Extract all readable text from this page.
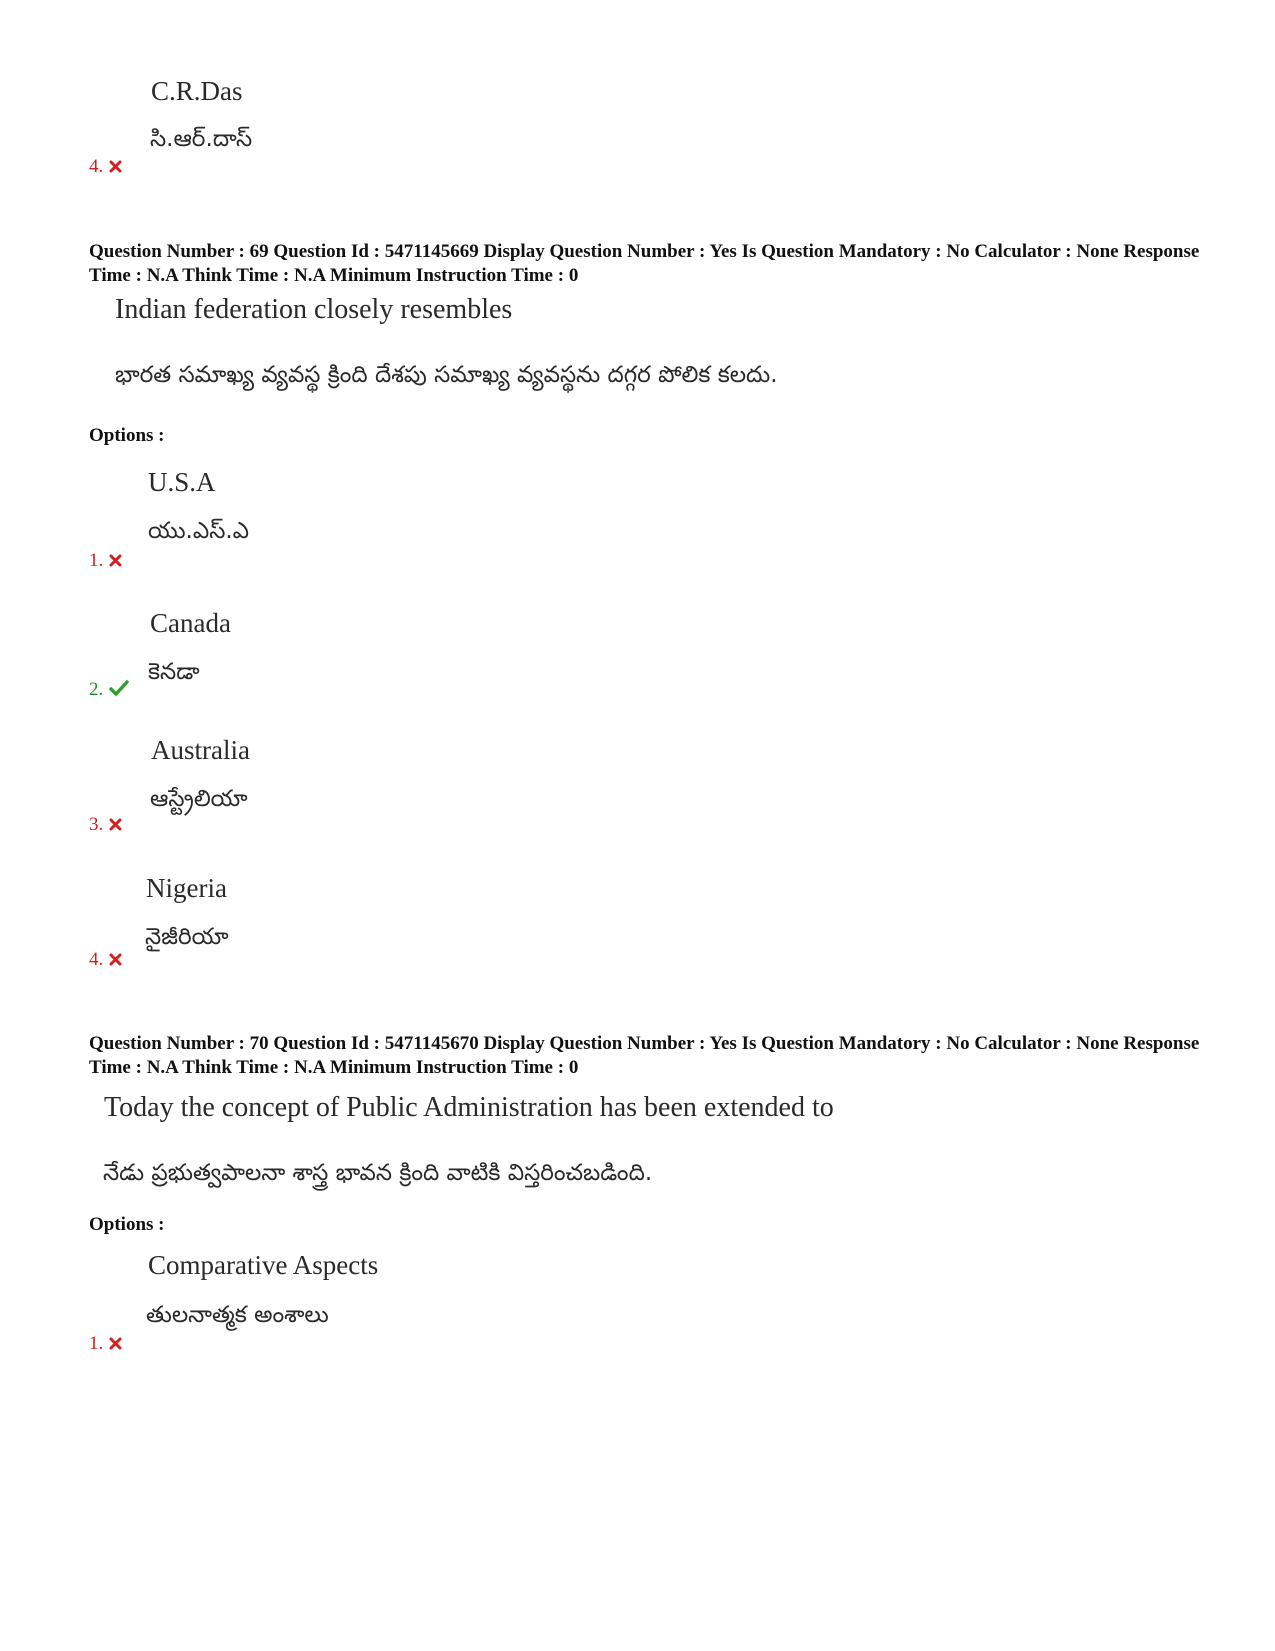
C.R.Das
సి.ఆర్.దాస్
4.
Question Number : 69 Question Id : 5471145669 Display Question Number : Yes Is Question Mandatory : No Calculator : None Response Time : N.A Think Time : N.A Minimum Instruction Time : 0
Indian federation closely resembles
భారత సమాఖ్య వ్యవస్థ క్రింది దేశపు సమాఖ్య వ్యవస్థను దగ్గర పోలిక కలదు.
Options :
U.S.A
యు.ఎస్.ఎ
1.
Canada
కెనడా
2.
Australia
ఆస్ట్రేలియా
3.
Nigeria
నైజీరియా
4.
Question Number : 70 Question Id : 5471145670 Display Question Number : Yes Is Question Mandatory : No Calculator : None Response Time : N.A Think Time : N.A Minimum Instruction Time : 0
Today the concept of Public Administration has been extended to
నేడు ప్రభుత్వపాలనా శాస్త్ర భావన క్రింది వాటికి విస్తరించబడింది.
Options :
Comparative Aspects
తులనాత్మక అంశాలు
1.
